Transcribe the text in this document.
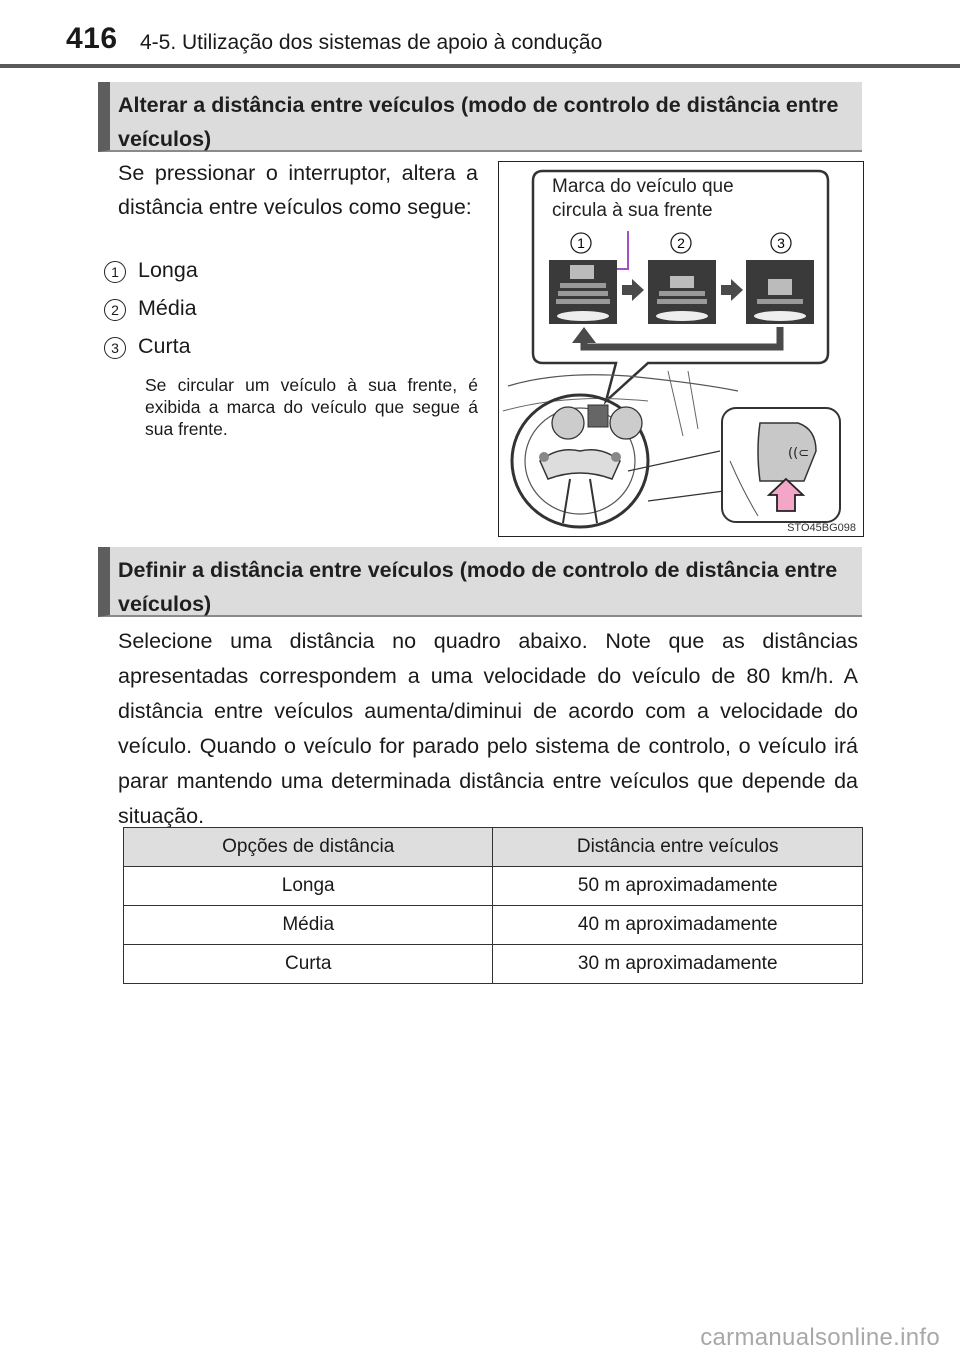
416 4-5. Utilização dos sistemas de apoio à condução
Alterar a distância entre veículos (modo de controlo de distância entre veículos)
Se pressionar o interruptor, altera a distância entre veículos como segue:
1 Longa
2 Média
3 Curta
Se circular um veículo à sua frente, é exibida a marca do veículo que segue á sua frente.
1	2	3
((⊂
STO45BG098
Marca do veículo que circula à sua frente
Definir a distância entre veículos (modo de controlo de distância entre veículos)
Selecione uma distância no quadro abaixo. Note que as distâncias apresentadas correspondem a uma velocidade do veículo de 80 km/h. A distância entre veículos aumenta/diminui de acordo com a velocidade do veículo. Quando o veículo for parado pelo sistema de controlo, o veículo irá parar mantendo uma determinada distância entre veículos que depende da situação.
Opções de distância	Distância entre veículos
Longa	50 m aproximadamente
Média	40 m aproximadamente
Curta	30 m aproximadamente
carmanualsonline.info
